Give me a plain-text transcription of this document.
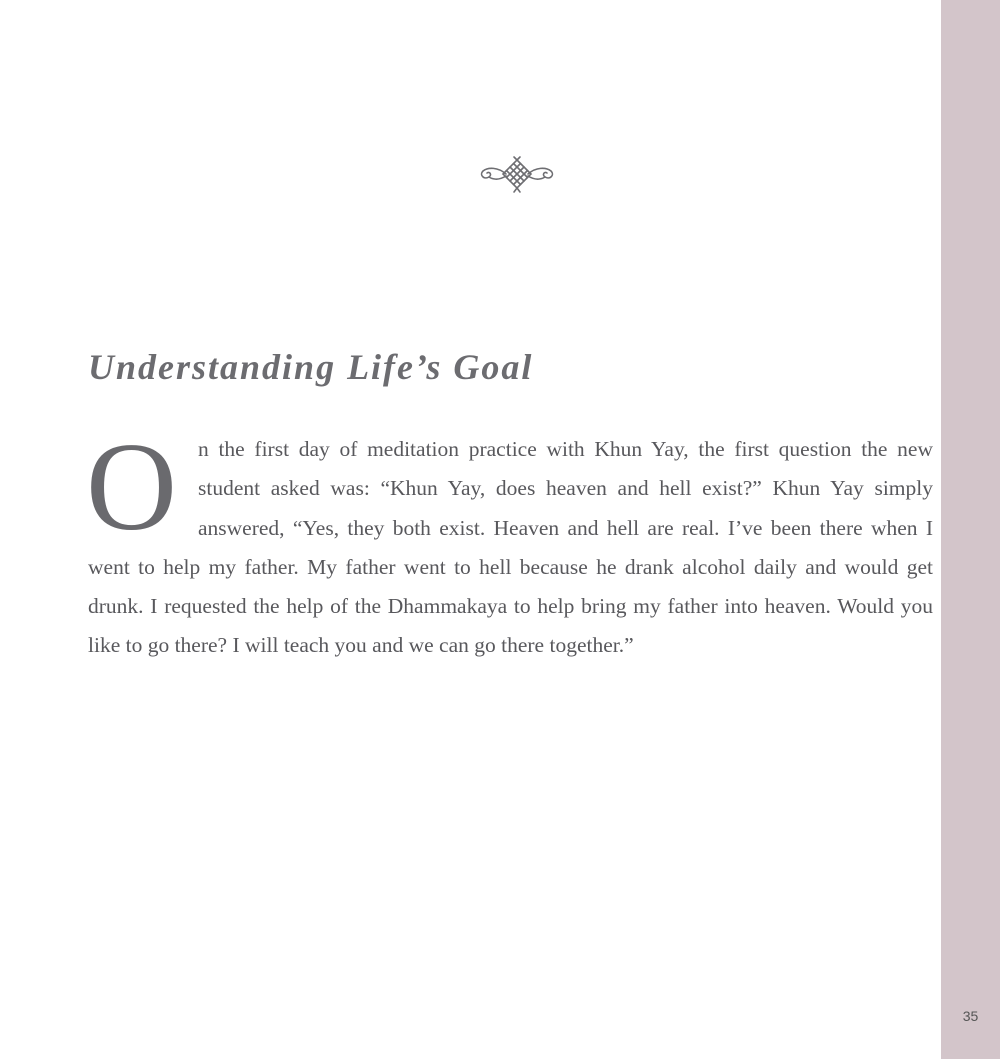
Understanding Life’s Goal

On the first day of meditation practice with Khun Yay, the first question the new student asked was: “Khun Yay, does heaven and hell exist?” Khun Yay simply answered, “Yes, they both exist. Heaven and hell are real. I’ve been there when I went to help my father. My father went to hell because he drank alcohol daily and would get drunk. I requested the help of the Dhammakaya to help bring my father into heaven. Would you like to go there? I will teach you and we can go there together.”

35
